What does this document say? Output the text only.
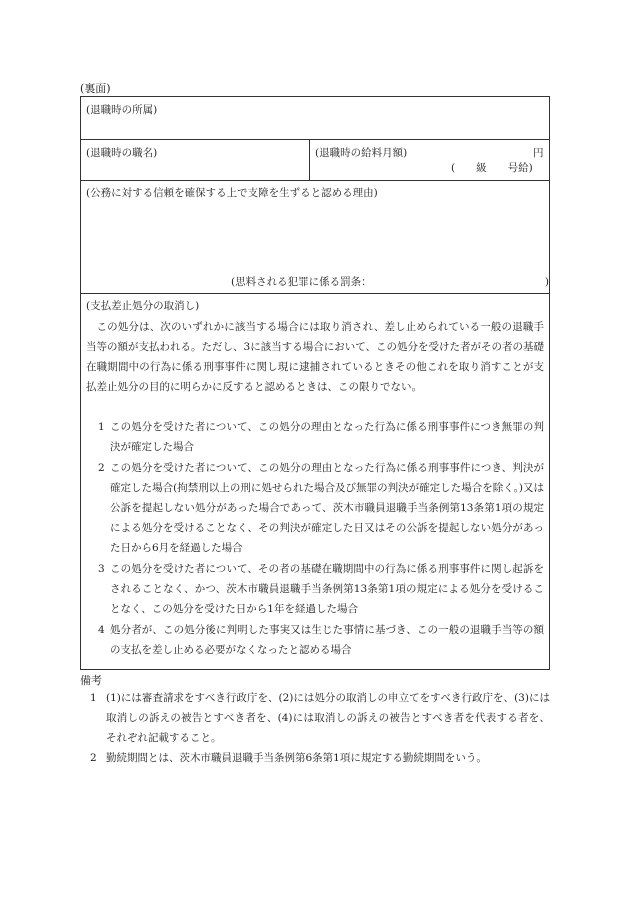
(裏面)
(退職時の所属)
(退職時の職名)	(退職時の給料月額)	円
(　　級　　号給)
(公務に対する信頼を確保する上で支障を生ずると認める理由)
(思料される犯罪に係る罰条：　　　　　　　　　　　　　　　　　)
(支払差止処分の取消し)
この処分は、次のいずれかに該当する場合には取り消され、差し止められている一般の退職手当等の額が支払われる。ただし、3に該当する場合において、この処分を受けた者がその者の基礎在職期間中の行為に係る刑事事件に関し現に逮捕されているときその他これを取り消すことが支払差止処分の目的に明らかに反すると認めるときは、この限りでない。
1 この処分を受けた者について、この処分の理由となった行為に係る刑事事件につき無罪の判決が確定した場合
2 この処分を受けた者について、この処分の理由となった行為に係る刑事事件につき、判決が確定した場合(拘禁刑以上の刑に処せられた場合及び無罪の判決が確定した場合を除く。)又は公訴を提起しない処分があった場合であって、茨木市職員退職手当条例第13条第1項の規定による処分を受けることなく、その判決が確定した日又はその公訴を提起しない処分があった日から6月を経過した場合
3 この処分を受けた者について、その者の基礎在職期間中の行為に係る刑事事件に関し起訴をされることなく、かつ、茨木市職員退職手当条例第13条第1項の規定による処分を受けることなく、この処分を受けた日から1年を経過した場合
4 処分者が、この処分後に判明した事実又は生じた事情に基づき、この一般の退職手当等の額の支払を差し止める必要がなくなったと認める場合
備考
1 (1)には審査請求をすべき行政庁を、(2)には処分の取消しの申立てをすべき行政庁を、(3)には取消しの訴えの被告とすべき者を、(4)には取消しの訴えの被告とすべき者を代表する者を、それぞれ記載すること。
2 勤続期間とは、茨木市職員退職手当条例第6条第1項に規定する勤続期間をいう。
